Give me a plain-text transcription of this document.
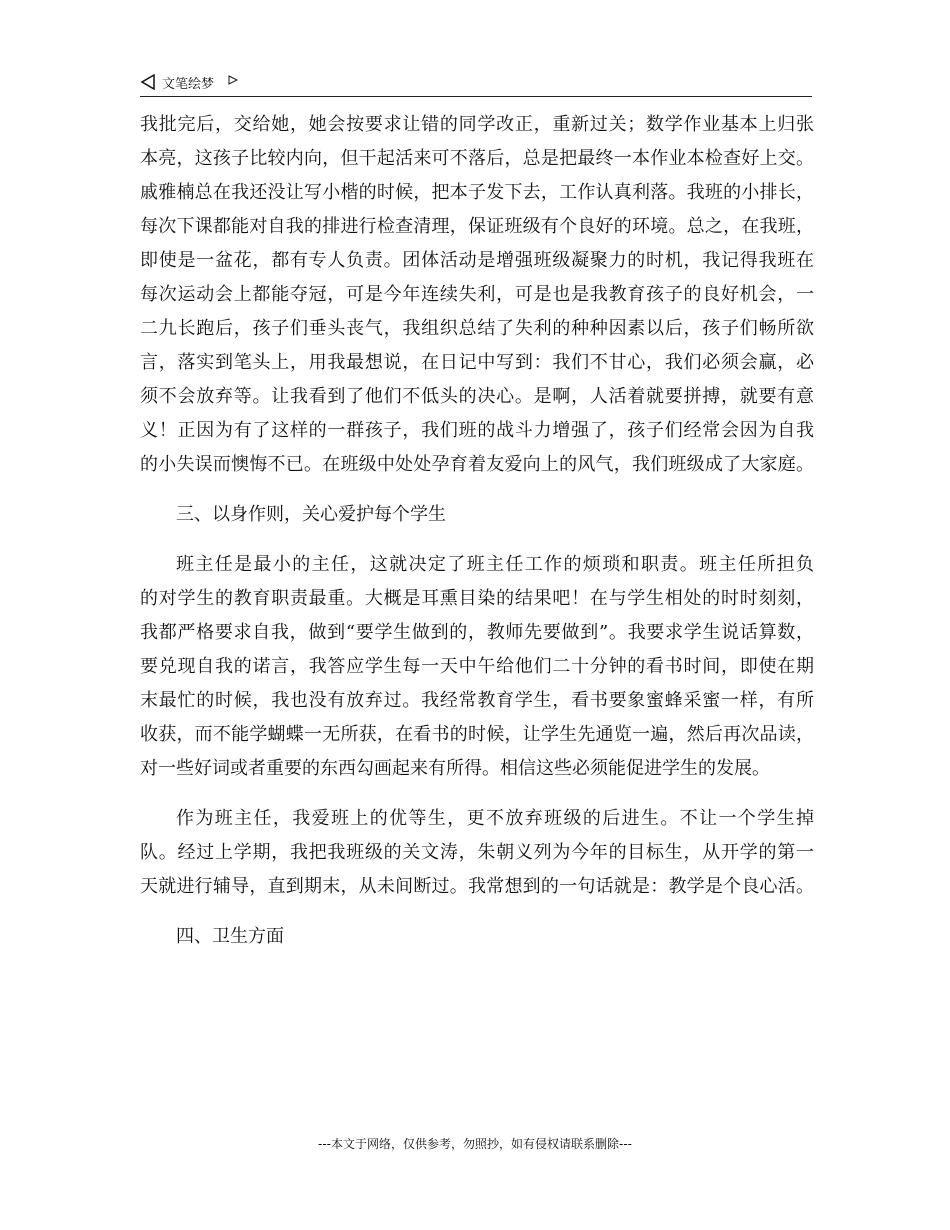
文笔绘梦
我批完后，交给她，她会按要求让错的同学改正，重新过关；数学作业基本上归张
本亮，这孩子比较内向，但干起活来可不落后，总是把最终一本作业本检查好上交。
戚雅楠总在我还没让写小楷的时候，把本子发下去，工作认真利落。我班的小排长，
每次下课都能对自我的排进行检查清理，保证班级有个良好的环境。总之，在我班，
即使是一盆花，都有专人负责。团体活动是增强班级凝聚力的时机，我记得我班在
每次运动会上都能夺冠，可是今年连续失利，可是也是我教育孩子的良好机会，一
二九长跑后，孩子们垂头丧气，我组织总结了失利的种种因素以后，孩子们畅所欲
言，落实到笔头上，用我最想说，在日记中写到：我们不甘心，我们必须会赢，必
须不会放弃等。让我看到了他们不低头的决心。是啊，人活着就要拼搏，就要有意
义！正因为有了这样的一群孩子，我们班的战斗力增强了，孩子们经常会因为自我
的小失误而懊悔不已。在班级中处处孕育着友爱向上的风气，我们班级成了大家庭。
三、以身作则，关心爱护每个学生
班主任是最小的主任，这就决定了班主任工作的烦琐和职责。班主任所担负
的对学生的教育职责最重。大概是耳熏目染的结果吧！在与学生相处的时时刻刻，
我都严格要求自我，做到“要学生做到的，教师先要做到”。我要求学生说话算数，
要兑现自我的诺言，我答应学生每一天中午给他们二十分钟的看书时间，即使在期
末最忙的时候，我也没有放弃过。我经常教育学生，看书要象蜜蜂采蜜一样，有所
收获，而不能学蝴蝶一无所获，在看书的时候，让学生先通览一遍，然后再次品读，
对一些好词或者重要的东西勾画起来有所得。相信这些必须能促进学生的发展。
作为班主任，我爱班上的优等生，更不放弃班级的后进生。不让一个学生掉
队。经过上学期，我把我班级的关文涛，朱朝义列为今年的目标生，从开学的第一
天就进行辅导，直到期末，从未间断过。我常想到的一句话就是：教学是个良心活。
四、卫生方面
---本文于网络，仅供参考，勿照抄，如有侵权请联系删除---
